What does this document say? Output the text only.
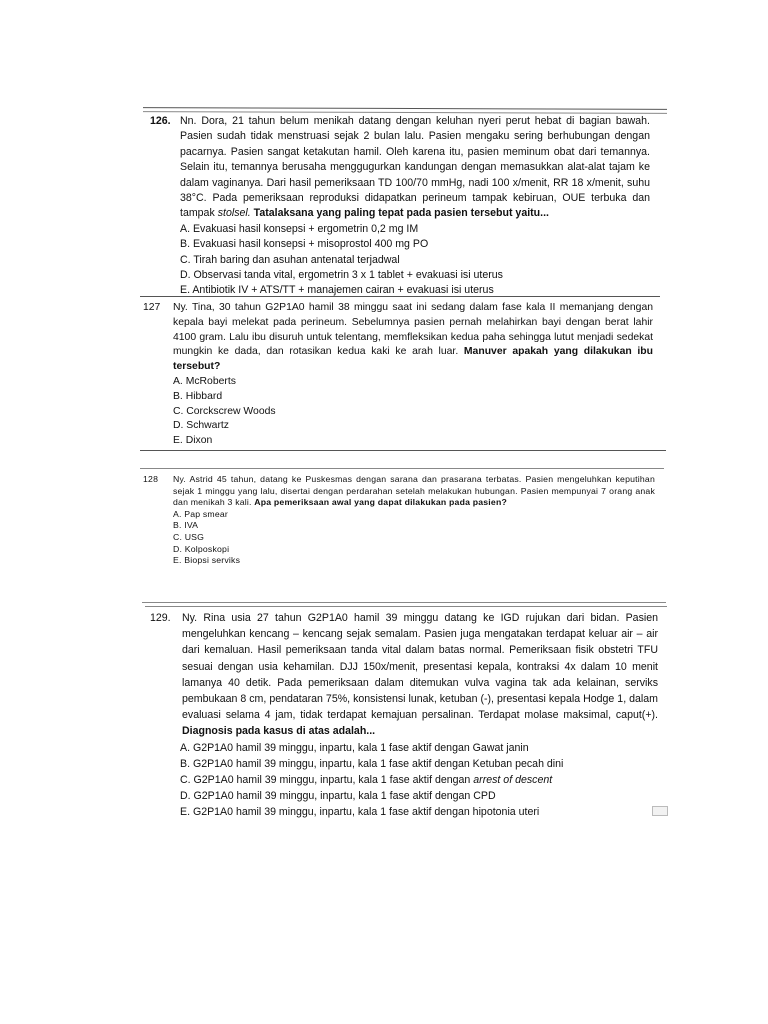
126. Nn. Dora, 21 tahun belum menikah datang dengan keluhan nyeri perut hebat di bagian bawah. Pasien sudah tidak menstruasi sejak 2 bulan lalu. Pasien mengaku sering berhubungan dengan pacarnya. Pasien sangat ketakutan hamil. Oleh karena itu, pasien meminum obat dari temannya. Selain itu, temannya berusaha menggugurkan kandungan dengan memasukkan alat-alat tajam ke dalam vaginanya. Dari hasil pemeriksaan TD 100/70 mmHg, nadi 100 x/menit, RR 18 x/menit, suhu 38°C. Pada pemeriksaan reproduksi didapatkan perineum tampak kebiruan, OUE terbuka dan tampak stolsel. Tatalaksana yang paling tepat pada pasien tersebut yaitu...
A. Evakuasi hasil konsepsi + ergometrin 0,2 mg IM
B. Evakuasi hasil konsepsi + misoprostol 400 mg PO
C. Tirah baring dan asuhan antenatal terjadwal
D. Observasi tanda vital, ergometrin 3 x 1 tablet + evakuasi isi uterus
E. Antibiotik IV + ATS/TT + manajemen cairan + evakuasi isi uterus
127	Ny. Tina, 30 tahun G2P1A0 hamil 38 minggu saat ini sedang dalam fase kala II memanjang dengan kepala bayi melekat pada perineum. Sebelumnya pasien pernah melahirkan bayi dengan berat lahir 4100 gram. Lalu ibu disuruh untuk telentang, memfleksikan kedua paha sehingga lutut menjadi sedekat mungkin ke dada, dan rotasikan kedua kaki ke arah luar. Manuver apakah yang dilakukan ibu tersebut?
A. McRoberts
B. Hibbard
C. Corckscrew Woods
D. Schwartz
E. Dixon
128	Ny. Astrid 45 tahun, datang ke Puskesmas dengan sarana dan prasarana terbatas. Pasien mengeluhkan keputihan sejak 1 minggu yang lalu, disertai dengan perdarahan setelah melakukan hubungan. Pasien mempunyai 7 orang anak dan menikah 3 kali. Apa pemeriksaan awal yang dapat dilakukan pada pasien?
A. Pap smear
B. IVA
C. USG
D. Kolposkopi
E. Biopsi serviks
129.	Ny. Rina usia 27 tahun G2P1A0 hamil 39 minggu datang ke IGD rujukan dari bidan. Pasien mengeluhkan kencang – kencang sejak semalam. Pasien juga mengatakan terdapat keluar air – air dari kemaluan. Hasil pemeriksaan tanda vital dalam batas normal. Pemeriksaan fisik obstetri TFU sesuai dengan usia kehamilan. DJJ 150x/menit, presentasi kepala, kontraksi 4x dalam 10 menit lamanya 40 detik. Pada pemeriksaan dalam ditemukan vulva vagina tak ada kelainan, serviks pembukaan 8 cm, pendataran 75%, konsistensi lunak, ketuban (-), presentasi kepala Hodge 1, dalam evaluasi selama 4 jam, tidak terdapat kemajuan persalinan. Terdapat molase maksimal, caput(+). Diagnosis pada kasus di atas adalah...
A. G2P1A0 hamil 39 minggu, inpartu, kala 1 fase aktif dengan Gawat janin
B. G2P1A0 hamil 39 minggu, inpartu, kala 1 fase aktif dengan Ketuban pecah dini
C. G2P1A0 hamil 39 minggu, inpartu, kala 1 fase aktif dengan arrest of descent
D. G2P1A0 hamil 39 minggu, inpartu, kala 1 fase aktif dengan CPD
E. G2P1A0 hamil 39 minggu, inpartu, kala 1 fase aktif dengan hipotonia uteri
